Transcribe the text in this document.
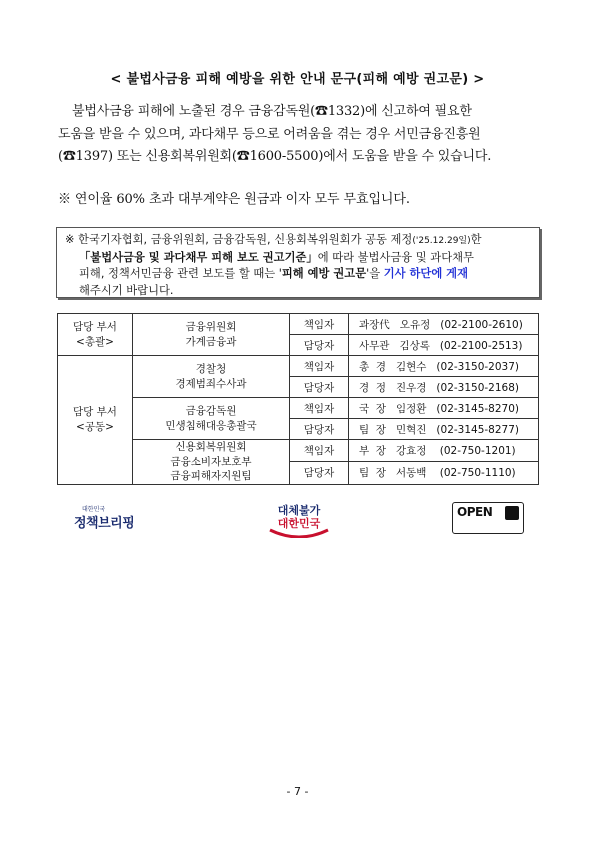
< 불법사금융 피해 예방을 위한 안내 문구(피해 예방 권고문) >
불법사금융 피해에 노출된 경우 금융감독원(☎1332)에 신고하여 필요한
도움을 받을 수 있으며, 과다채무 등으로 어려움을 겪는 경우 서민금융진흥원
(☎1397) 또는 신용회복위원회(☎1600-5500)에서 도움을 받을 수 있습니다.
※ 연이율 60% 초과 대부계약은 원금과 이자 모두 무효입니다.
※ 한국기자협회, 금융위원회, 금융감독원, 신용회복위원회가 공동 제정('25.12.29일)한
「불법사금융 및 과다채무 피해 보도 권고기준」에 따라 불법사금융 및 과다채무
피해, 정책서민금융 관련 보도를 할 때는 '피해 예방 권고문'을 기사 하단에 게재
해주시기 바랍니다.
담당 부서
<총괄>	금융위원회
가계금융과	책임자	과장代   오유정   (02-2100-2610)
		담당자	사무관   김상록   (02-2100-2513)
담당 부서
<공동>	경찰청
경제범죄수사과	책임자	총  경   김현수   (02-3150-2037)
		담당자	경  정   진우경   (02-3150-2168)
	금융감독원
민생침해대응총괄국	책임자	국  장   임정환   (02-3145-8270)
		담당자	팀  장   민혁진   (02-3145-8277)
	신용회복위원회
금융소비자보호부
금융피해자지원팀	책임자	부  장   강효정    (02-750-1201)
		담당자	팀  장   서동백    (02-750-1110)
대한민국
정책브리핑
대체불가
대한민국
OPEN
- 7 -
